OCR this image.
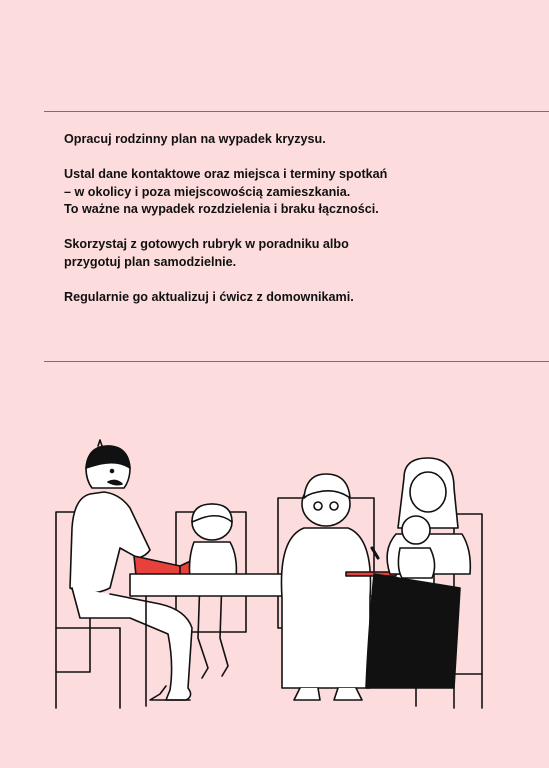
Opracuj rodzinny plan na wypadek kryzysu.

Ustal dane kontaktowe oraz miejsca i terminy spotkań
– w okolicy i poza miejscowością zamieszkania.
To ważne na wypadek rozdzielenia i braku łączności.

Skorzystaj z gotowych rubryk w poradniku albo
przygotuj plan samodzielnie.

Regularnie go aktualizuj i ćwicz z domownikami.
